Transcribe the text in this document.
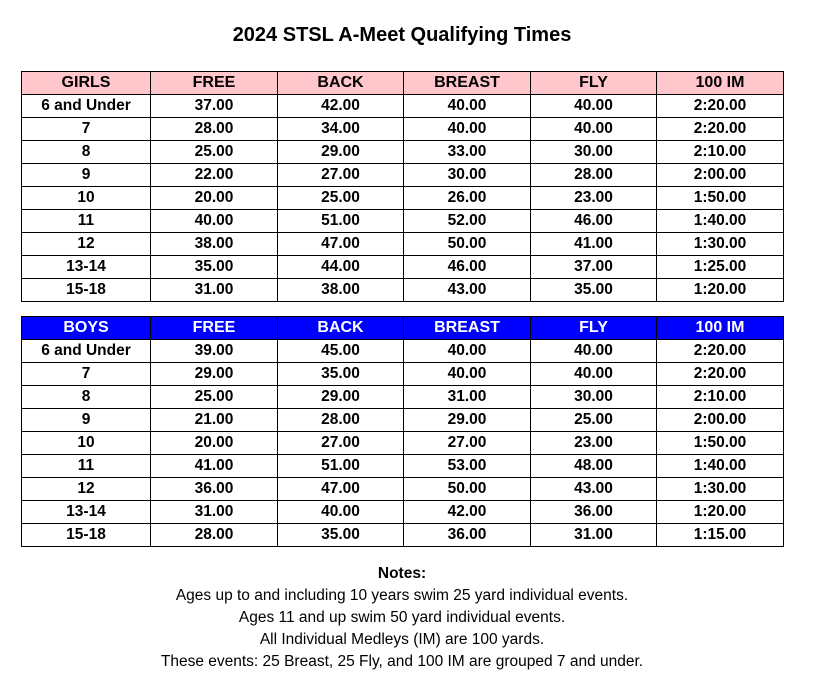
2024 STSL A-Meet Qualifying Times
GIRLS	FREE	BACK	BREAST	FLY	100 IM
6 and Under	37.00	42.00	40.00	40.00	2:20.00
7	28.00	34.00	40.00	40.00	2:20.00
8	25.00	29.00	33.00	30.00	2:10.00
9	22.00	27.00	30.00	28.00	2:00.00
10	20.00	25.00	26.00	23.00	1:50.00
11	40.00	51.00	52.00	46.00	1:40.00
12	38.00	47.00	50.00	41.00	1:30.00
13-14	35.00	44.00	46.00	37.00	1:25.00
15-18	31.00	38.00	43.00	35.00	1:20.00
BOYS	FREE	BACK	BREAST	FLY	100 IM
6 and Under	39.00	45.00	40.00	40.00	2:20.00
7	29.00	35.00	40.00	40.00	2:20.00
8	25.00	29.00	31.00	30.00	2:10.00
9	21.00	28.00	29.00	25.00	2:00.00
10	20.00	27.00	27.00	23.00	1:50.00
11	41.00	51.00	53.00	48.00	1:40.00
12	36.00	47.00	50.00	43.00	1:30.00
13-14	31.00	40.00	42.00	36.00	1:20.00
15-18	28.00	35.00	36.00	31.00	1:15.00
Notes:
Ages up to and including 10 years swim 25 yard individual events.
Ages 11 and up swim 50 yard individual events.
All Individual Medleys (IM) are 100 yards.
These events: 25 Breast, 25 Fly, and 100 IM are grouped 7 and under.
